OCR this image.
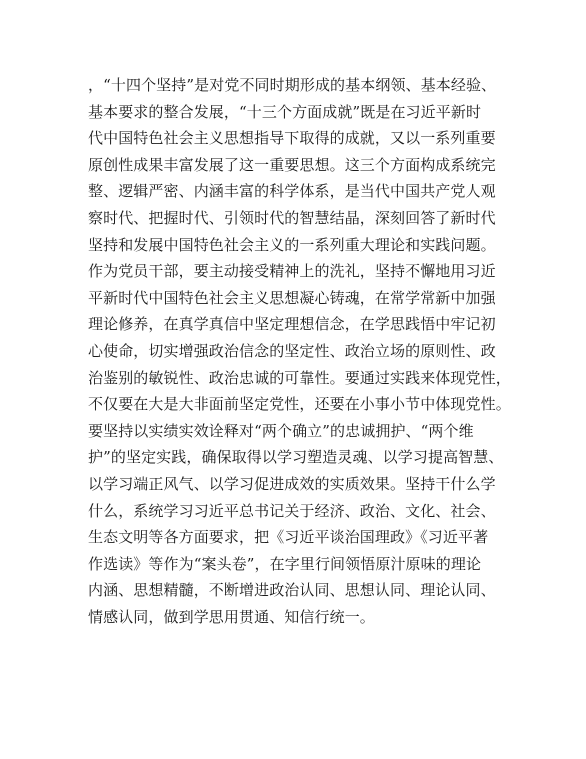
，“十四个坚持”是对党不同时期形成的基本纲领、基本经验、
基本要求的整合发展，“十三个方面成就”既是在习近平新时
代中国特色社会主义思想指导下取得的成就，又以一系列重要
原创性成果丰富发展了这一重要思想。这三个方面构成系统完
整、逻辑严密、内涵丰富的科学体系，是当代中国共产党人观
察时代、把握时代、引领时代的智慧结晶，深刻回答了新时代
坚持和发展中国特色社会主义的一系列重大理论和实践问题。
作为党员干部，要主动接受精神上的洗礼，坚持不懈地用习近
平新时代中国特色社会主义思想凝心铸魂，在常学常新中加强
理论修养，在真学真信中坚定理想信念，在学思践悟中牢记初
心使命，切实增强政治信念的坚定性、政治立场的原则性、政
治鉴别的敏锐性、政治忠诚的可靠性。要通过实践来体现党性，
不仅要在大是大非面前坚定党性，还要在小事小节中体现党性。
要坚持以实绩实效诠释对“两个确立”的忠诚拥护、“两个维
护”的坚定实践，确保取得以学习塑造灵魂、以学习提高智慧、
以学习端正风气、以学习促进成效的实质效果。坚持干什么学
什么，系统学习习近平总书记关于经济、政治、文化、社会、
生态文明等各方面要求，把《习近平谈治国理政》《习近平著
作选读》等作为“案头卷”，在字里行间领悟原汁原味的理论
内涵、思想精髓，不断增进政治认同、思想认同、理论认同、
情感认同，做到学思用贯通、知信行统一。
